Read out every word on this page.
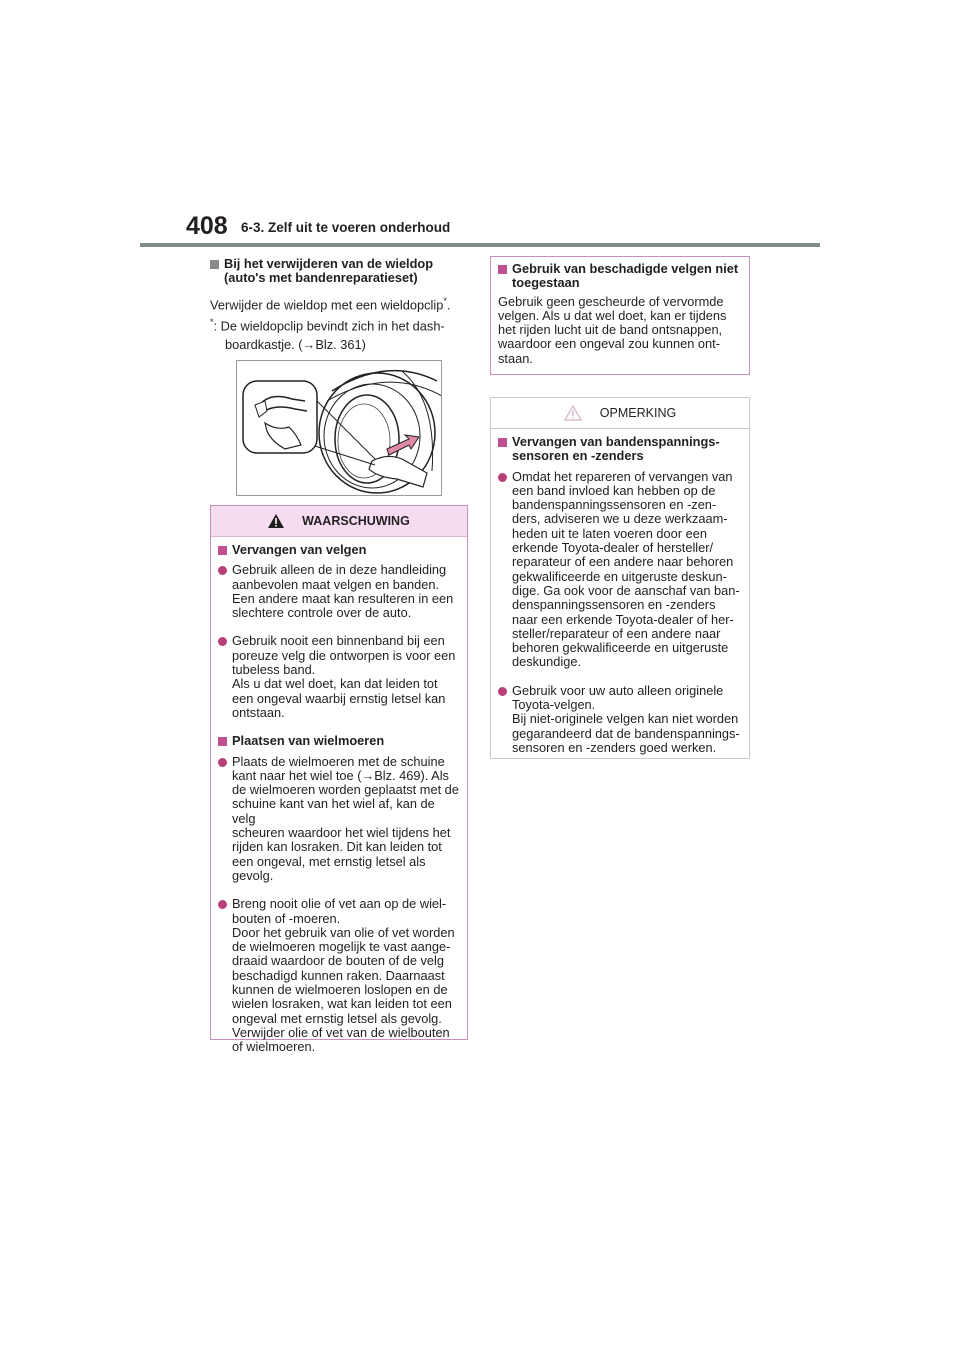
408 6-3. Zelf uit te voeren onderhoud
Bij het verwijderen van de wieldop
(auto's met bandenreparatieset)

Verwijder de wieldop met een wieldopclip*.

*: De wieldopclip bevindt zich in het dash-
boardkastje. (→Blz. 361)

WAARSCHUWING
Vervangen van velgen
Gebruik alleen de in deze handleiding
aanbevolen maat velgen en banden.
Een andere maat kan resulteren in een
slechtere controle over de auto.
Gebruik nooit een binnenband bij een
poreuze velg die ontworpen is voor een
tubeless band.
Als u dat wel doet, kan dat leiden tot
een ongeval waarbij ernstig letsel kan
ontstaan.
Plaatsen van wielmoeren
Plaats de wielmoeren met de schuine
kant naar het wiel toe (→Blz. 469). Als
de wielmoeren worden geplaatst met de
schuine kant van het wiel af, kan de velg
scheuren waardoor het wiel tijdens het
rijden kan losraken. Dit kan leiden tot
een ongeval, met ernstig letsel als
gevolg.
Breng nooit olie of vet aan op de wiel-
bouten of -moeren.
Door het gebruik van olie of vet worden
de wielmoeren mogelijk te vast aange-
draaid waardoor de bouten of de velg
beschadigd kunnen raken. Daarnaast
kunnen de wielmoeren loslopen en de
wielen losraken, wat kan leiden tot een
ongeval met ernstig letsel als gevolg.
Verwijder olie of vet van de wielbouten
of wielmoeren.
Gebruik van beschadigde velgen niet
toegestaan

Gebruik geen gescheurde of vervormde
velgen. Als u dat wel doet, kan er tijdens
het rijden lucht uit de band ontsnappen,
waardoor een ongeval zou kunnen ont-
staan.

OPMERKING
Vervangen van bandenspannings-
sensoren en -zenders
Omdat het repareren of vervangen van
een band invloed kan hebben op de
bandenspanningssensoren en -zen-
ders, adviseren we u deze werkzaam-
heden uit te laten voeren door een
erkende Toyota-dealer of hersteller/
reparateur of een andere naar behoren
gekwalificeerde en uitgeruste deskun-
dige. Ga ook voor de aanschaf van ban-
denspanningssensoren en -zenders
naar een erkende Toyota-dealer of her-
steller/reparateur of een andere naar
behoren gekwalificeerde en uitgeruste
deskundige.
Gebruik voor uw auto alleen originele
Toyota-velgen.
Bij niet-originele velgen kan niet worden
gegarandeerd dat de bandenspannings-
sensoren en -zenders goed werken.
